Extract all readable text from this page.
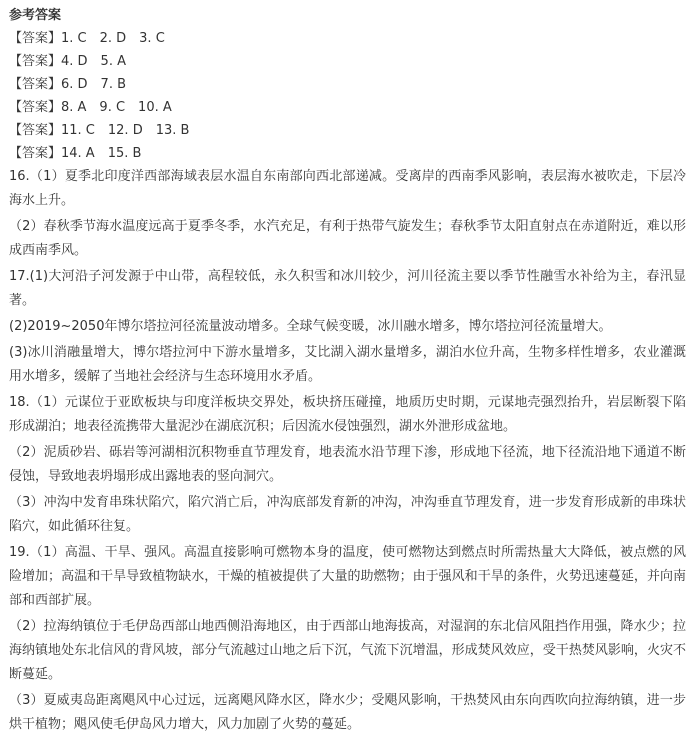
参考答案
【答案】1. C　2. D　3. C
【答案】4. D　5. A
【答案】6. D　7. B
【答案】8. A　9. C　10. A
【答案】11. C　12. D　13. B
【答案】14. A　15. B

16.（1）夏季北印度洋西部海域表层水温自东南部向西北部递减。受离岸的西南季风影响，表层海水被吹走，下层冷海水上升。

（2）春秋季节海水温度远高于夏季冬季，水汽充足，有利于热带气旋发生；春秋季节太阳直射点在赤道附近，难以形成西南季风。

17.(1)大河沿子河发源于中山带，高程较低，永久积雪和冰川较少，河川径流主要以季节性融雪水补给为主，春汛显著。

(2)2019~2050年博尔塔拉河径流量波动增多。全球气候变暖，冰川融水增多，博尔塔拉河径流量增大。

(3)冰川消融量增大，博尔塔拉河中下游水量增多，艾比湖入湖水量增多，湖泊水位升高，生物多样性增多，农业灌溉用水增多，缓解了当地社会经济与生态环境用水矛盾。

18.（1）元谋位于亚欧板块与印度洋板块交界处，板块挤压碰撞，地质历史时期，元谋地壳强烈抬升，岩层断裂下陷形成湖泊；地表径流携带大量泥沙在湖底沉积；后因流水侵蚀强烈，湖水外泄形成盆地。

（2）泥质砂岩、砾岩等河湖相沉积物垂直节理发育，地表流水沿节理下渗，形成地下径流，地下径流沿地下通道不断侵蚀，导致地表坍塌形成出露地表的竖向洞穴。

（3）冲沟中发育串珠状陷穴，陷穴消亡后，冲沟底部发育新的冲沟，冲沟垂直节理发育，进一步发育形成新的串珠状陷穴，如此循环往复。

19.（1）高温、干旱、强风。高温直接影响可燃物本身的温度，使可燃物达到燃点时所需热量大大降低，被点燃的风险增加；高温和干旱导致植物缺水，干燥的植被提供了大量的助燃物；由于强风和干旱的条件，火势迅速蔓延，并向南部和西部扩展。

（2）拉海纳镇位于毛伊岛西部山地西侧沿海地区，由于西部山地海拔高，对湿润的东北信风阻挡作用强，降水少；拉海纳镇地处东北信风的背风坡，部分气流越过山地之后下沉，气流下沉增温，形成焚风效应，受干热焚风影响，火灾不断蔓延。

（3）夏威夷岛距离飓风中心过远，远离飓风降水区，降水少；受飓风影响，干热焚风由东向西吹向拉海纳镇，进一步烘干植物；飓风使毛伊岛风力增大，风力加剧了火势的蔓延。
